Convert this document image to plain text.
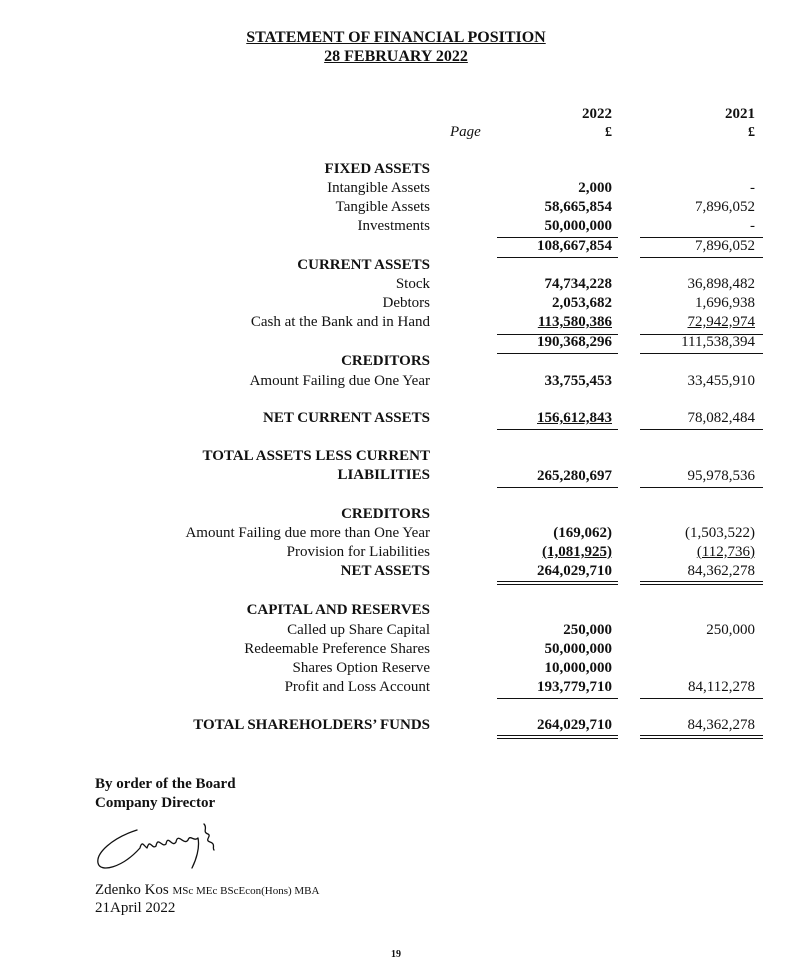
STATEMENT OF FINANCIAL POSITION
28 FEBRUARY 2022
2022	2021
Page	£	£
FIXED ASSETS
Intangible Assets	2,000	-
Tangible Assets	58,665,854	7,896,052
Investments	50,000,000	-
108,667,854	7,896,052
CURRENT ASSETS
Stock	74,734,228	36,898,482
Debtors	2,053,682	1,696,938
Cash at the Bank and in Hand	113,580,386	72,942,974
190,368,296	111,538,394
CREDITORS
Amount Failing due One Year	33,755,453	33,455,910
NET CURRENT ASSETS	156,612,843	78,082,484
TOTAL ASSETS LESS CURRENT
LIABILITIES	265,280,697	95,978,536
CREDITORS
Amount Failing due more than One Year	(169,062)	(1,503,522)
Provision for Liabilities	(1,081,925)	(112,736)
NET ASSETS	264,029,710	84,362,278
CAPITAL AND RESERVES
Called up Share Capital	250,000	250,000
Redeemable Preference Shares	50,000,000
Shares Option Reserve	10,000,000
Profit and Loss Account	193,779,710	84,112,278
TOTAL SHAREHOLDERS’ FUNDS	264,029,710	84,362,278
By order of the Board
Company Director
Zdenko Kos MSc MEc BScEcon(Hons) MBA
21April 2022
19
